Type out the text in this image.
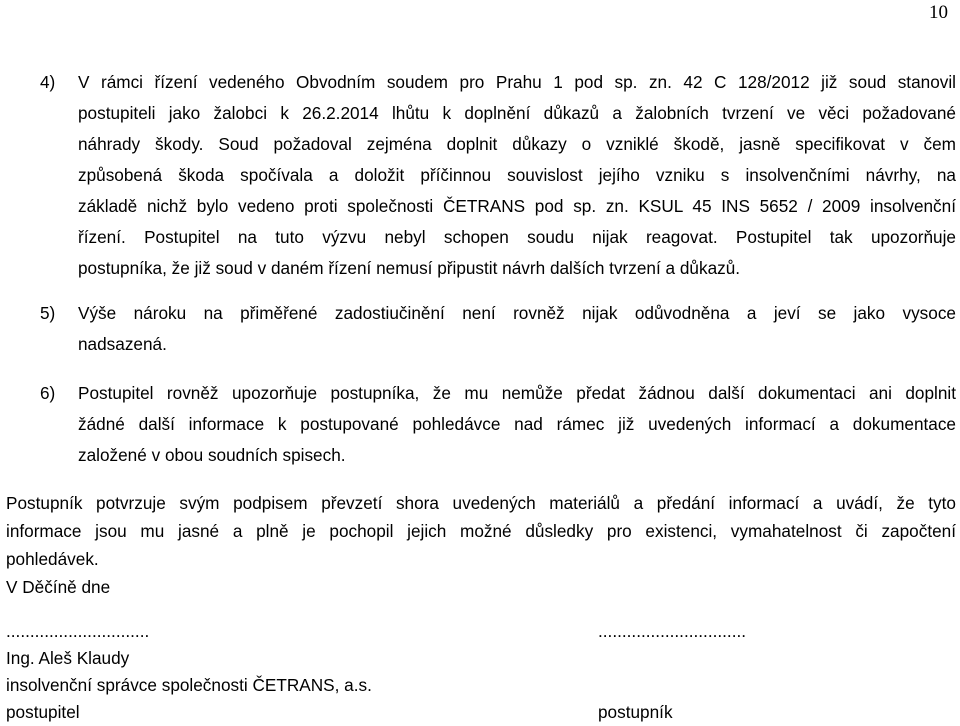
10
4)	V rámci řízení vedeného Obvodním soudem pro Prahu 1 pod sp. zn. 42 C 128/2012 již soud stanovil
postupiteli jako žalobci k 26.2.2014 lhůtu k doplnění důkazů a žalobních tvrzení ve věci požadované
náhrady škody. Soud požadoval zejména doplnit důkazy o vzniklé škodě, jasně specifikovat v čem
způsobená škoda spočívala a doložit příčinnou souvislost jejího vzniku s insolvenčními návrhy, na
základě nichž bylo vedeno proti společnosti ČETRANS pod sp. zn. KSUL 45 INS 5652 / 2009 insolvenční
řízení. Postupitel na tuto výzvu nebyl schopen soudu nijak reagovat. Postupitel tak upozorňuje
postupníka, že již soud v daném řízení nemusí připustit návrh dalších tvrzení a důkazů.
5)	Výše nároku na přiměřené zadostiučinění není rovněž nijak odůvodněna a jeví se jako vysoce
nadsazená.
6)	Postupitel rovněž upozorňuje postupníka, že mu nemůže předat žádnou další dokumentaci ani doplnit
žádné další informace k postupované pohledávce nad rámec již uvedených informací a dokumentace
založené v obou soudních spisech.
Postupník potvrzuje svým podpisem převzetí shora uvedených materiálů a předání informací a uvádí, že tyto
informace jsou mu jasné a plně je pochopil jejich možné důsledky pro existenci, vymahatelnost či započtení
pohledávek.
V Děčíně dne
..............................
Ing. Aleš Klaudy
insolvenční správce společnosti ČETRANS, a.s.
postupitel
...............................

postupník
